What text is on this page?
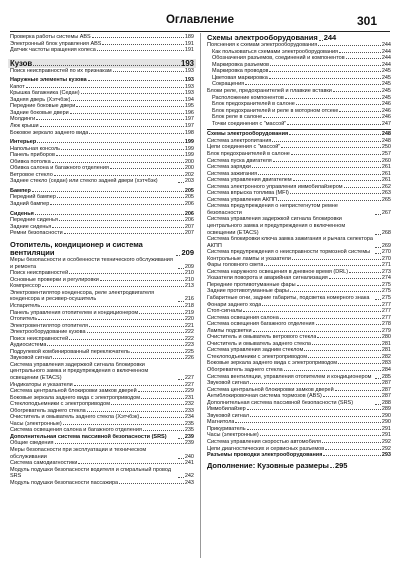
Оглавление	301
Проверка работы системы ABS	189
Электронный блок управления ABS	191
Датчик частоты вращения колеса	191
Кузов	193
Поиск неисправностей по их признакам	193
Наружные элементы кузова	193
Капот	193
Крышка багажника (Седан)	193
Задняя дверь (Хэтчбэк)	194
Передние боковые двери	195
Задние боковые двери	196
Молдинги	197
Люк крыши	197
Боковое зеркало заднего вида	198
Интерьер	199
Напольная консоль	199
Панель приборов	199
Обивка потолка	200
Обивка салона и багажного отделения	200
Ветровое стекло	202
Заднее стекло (седан) или стекло задней двери (хэтчбэк)	203
Бампер	205
Передний бампер	205
Задний бампер	206
Сиденья	206
Передние сиденья	206
Задние сиденья	207
Ремни безопасности	207
Отопитель, кондиционер и система вентиляции	209
Меры безопасности и особенности технического обслуживания и ремонта	209
Поиск неисправностей	210
Основные проверки и регулировки	210
Компрессор	213
Электровентилятор конденсора, реле электродвигателя конденсора и ресивер-осушитель	216
Испаритель	218
Панель управления отопителем и кондиционером	219
Отопитель	220
Электровентилятор отопителя	221
Электрооборудование кузова	222
Поиск неисправностей	222
Аудиосистема	223
Подрулевой комбинированный переключатель	225
Звуковой сигнал	226
Система управления задержкой сигнала блокировки центрального замка и предупреждения о включенном освещении (ETACS)	227
Индикаторы и указатели	227
Система центральной блокировки замков дверей	229
Боковые зеркала заднего вида с электроприводом	231
Стеклоподъемники с электроприводом	232
Обогреватель заднего стекла	233
Очиститель и омыватель заднего стекла (Хэтчбэк)	234
Часы (электронные)	235
Система освещения салона и багажного отделения	235
Дополнительная система пассивной безопасности (SRS)	239
Общие сведения	239
Меры безопасности при эксплуатации и техническом обслуживании	240
Система самодиагностики	241
Модуль подушки безопасности водителя и спиральный провод SRS	242
Модуль подушки безопасности пассажира	243
Схемы электрооборудования 244
Пояснения к схемам электрооборудования	244
Как пользоваться схемами электрооборудования	244
Обозначения разъемов, соединений и компонентов	244
Маркировка разъемов	244
Маркировка проводов	245
Цветовая маркировка	245
Сокращения	245
Блоки реле, предохранителей и плавкие вставки	245
Расположение компонентов	245
Блок предохранителей в салоне	246
Блок предохранителей и реле в моторном отсеке	246
Блок реле в салоне	246
Точки соединения с "массой"	247
Схемы электрооборудования	248
Система электропитания	248
Цепи соединения с "массой"	250
Блок предохранителей в салоне	257
Система пуска двигателя	260
Система зарядки	261
Система зажигания	261
Система управления двигателем	261
Система электронного управления иммобилайзером	262
Система впрыска топлива (MFI)	263
Система управления АКПП	265
Система предупреждения о непристегнутом ремне безопасности	267
Система управления задержкой сигнала блокировки центрального замка и предупреждения о включенном освещении (ETACS)	268
Система блокировки ключа замка зажигания и рычага селектора АКПП	269
Система предупреждения о неисправности тормозной системы	270
Контрольные лампы и указатели	270
Фары головного света	271
Система наружного освещения в дневное время (DRL)	273
Указатели поворота и аварийная сигнализация	274
Передние противотуманные фары	275
Задние противотуманные фары	275
Габаритные огни, задние габариты, подсветка номерного знака	275
Фонари заднего хода	277
Стоп-сигналы	277
Система освещения салона	277
Система освещения багажного отделения	278
Лампы подсветки	279
Очиститель и омыватель ветрового стекла	280
Очиститель и омыватель заднего стекла	281
Система управления задним стеклом	281
Стеклоподъемники с электроприводом	282
Боковые зеркала заднего вида с электроприводом	283
Обогреватель заднего стекла	284
Система вентиляции, управления отопителем и кондиционером	285
Звуковой сигнал	287
Система центральной блокировки замков дверей	287
Антиблокировочная система тормозов (ABS)	287
Дополнительная система пассивной безопасности (SRS)	288
Иммобилайзер	289
Звуковой сигнал	290
Магнитола	290
Прикуриватель	291
Часы (электронные)	291
Система управления скоростью автомобиля	292
Цепи диагностических и сервисных разъемов	292
Разъемы проводки электрооборудования	293
Дополнение: Кузовные размеры 295
